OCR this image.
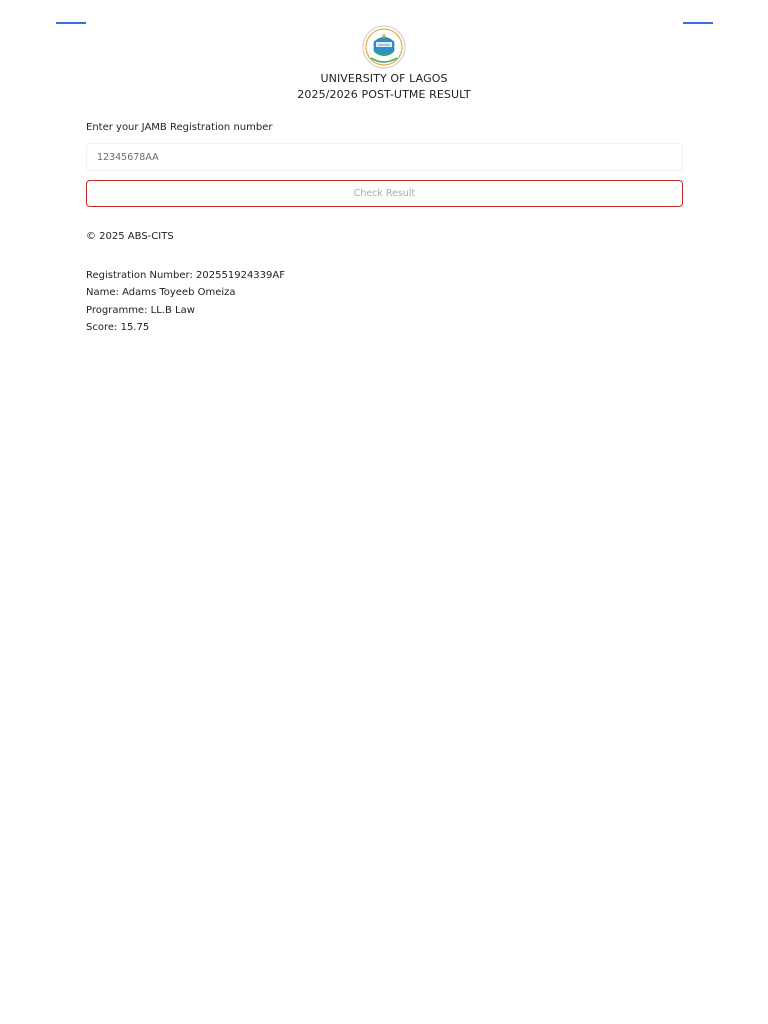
UNIVERSITY OF LAGOS
2025/2026 POST-UTME RESULT
Enter your JAMB Registration number
12345678AA
Check Result
© 2025 ABS-CITS
Registration Number: 202551924339AF
Name: Adams Toyeeb Omeiza
Programme: LL.B Law
Score: 15.75
